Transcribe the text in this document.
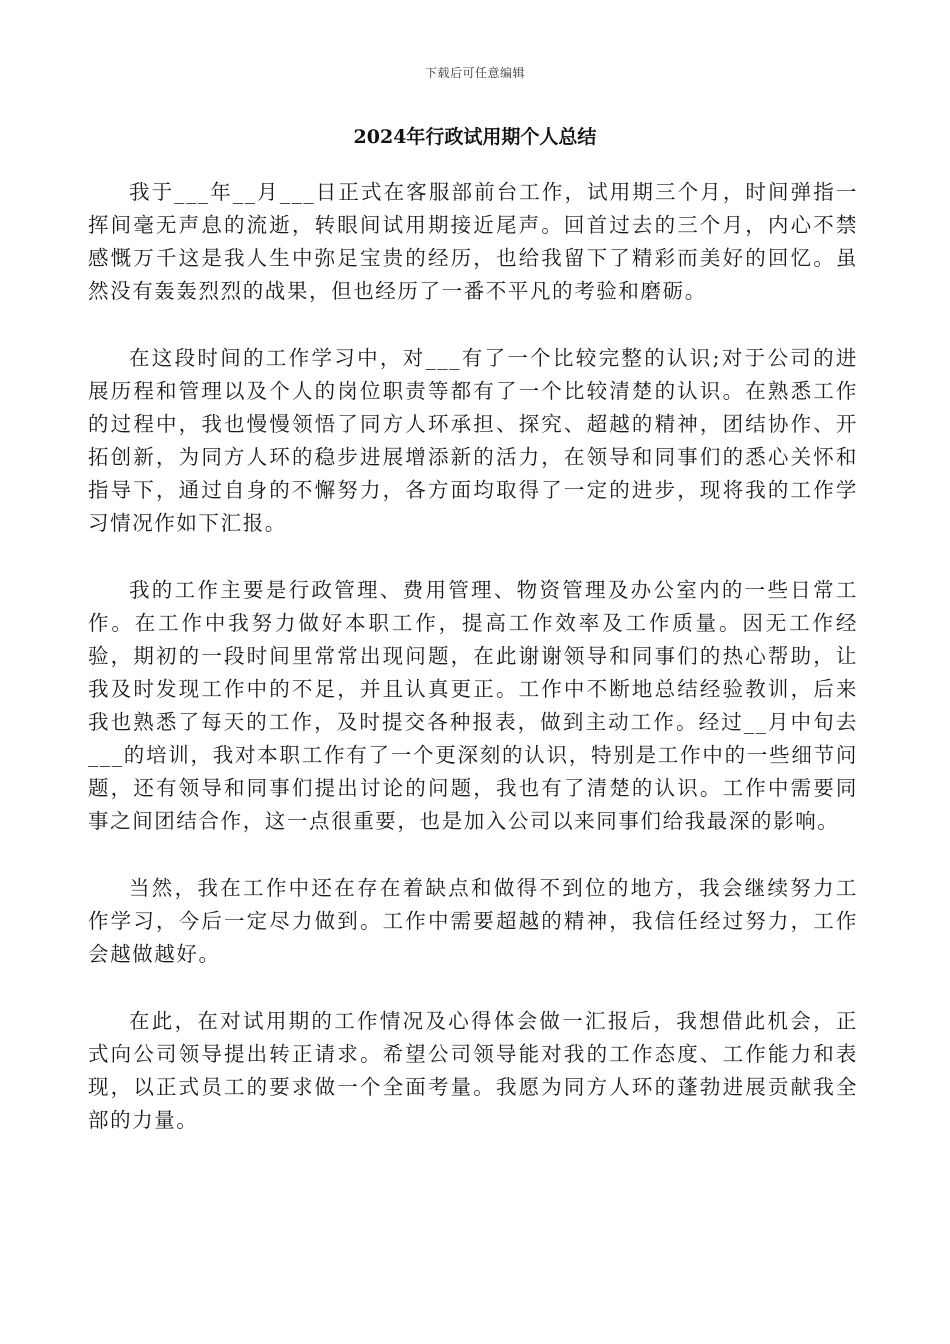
下载后可任意编辑
2024年行政试用期个人总结

我于___年__月___日正式在客服部前台工作，试用期三个月，时间弹指一挥间毫无声息的流逝，转眼间试用期接近尾声。回首过去的三个月，内心不禁感慨万千这是我人生中弥足宝贵的经历，也给我留下了精彩而美好的回忆。虽然没有轰轰烈烈的战果，但也经历了一番不平凡的考验和磨砺。

在这段时间的工作学习中，对___有了一个比较完整的认识;对于公司的进展历程和管理以及个人的岗位职责等都有了一个比较清楚的认识。在熟悉工作的过程中，我也慢慢领悟了同方人环承担、探究、超越的精神，团结协作、开拓创新，为同方人环的稳步进展增添新的活力，在领导和同事们的悉心关怀和指导下，通过自身的不懈努力，各方面均取得了一定的进步，现将我的工作学习情况作如下汇报。

我的工作主要是行政管理、费用管理、物资管理及办公室内的一些日常工作。在工作中我努力做好本职工作，提高工作效率及工作质量。因无工作经验，期初的一段时间里常常出现问题，在此谢谢领导和同事们的热心帮助，让我及时发现工作中的不足，并且认真更正。工作中不断地总结经验教训，后来我也熟悉了每天的工作，及时提交各种报表，做到主动工作。经过__月中旬去___的培训，我对本职工作有了一个更深刻的认识，特别是工作中的一些细节问题，还有领导和同事们提出讨论的问题，我也有了清楚的认识。工作中需要同事之间团结合作，这一点很重要，也是加入公司以来同事们给我最深的影响。

当然，我在工作中还在存在着缺点和做得不到位的地方，我会继续努力工作学习，今后一定尽力做到。工作中需要超越的精神，我信任经过努力，工作会越做越好。

在此，在对试用期的工作情况及心得体会做一汇报后，我想借此机会，正式向公司领导提出转正请求。希望公司领导能对我的工作态度、工作能力和表现，以正式员工的要求做一个全面考量。我愿为同方人环的蓬勃进展贡献我全部的力量。
